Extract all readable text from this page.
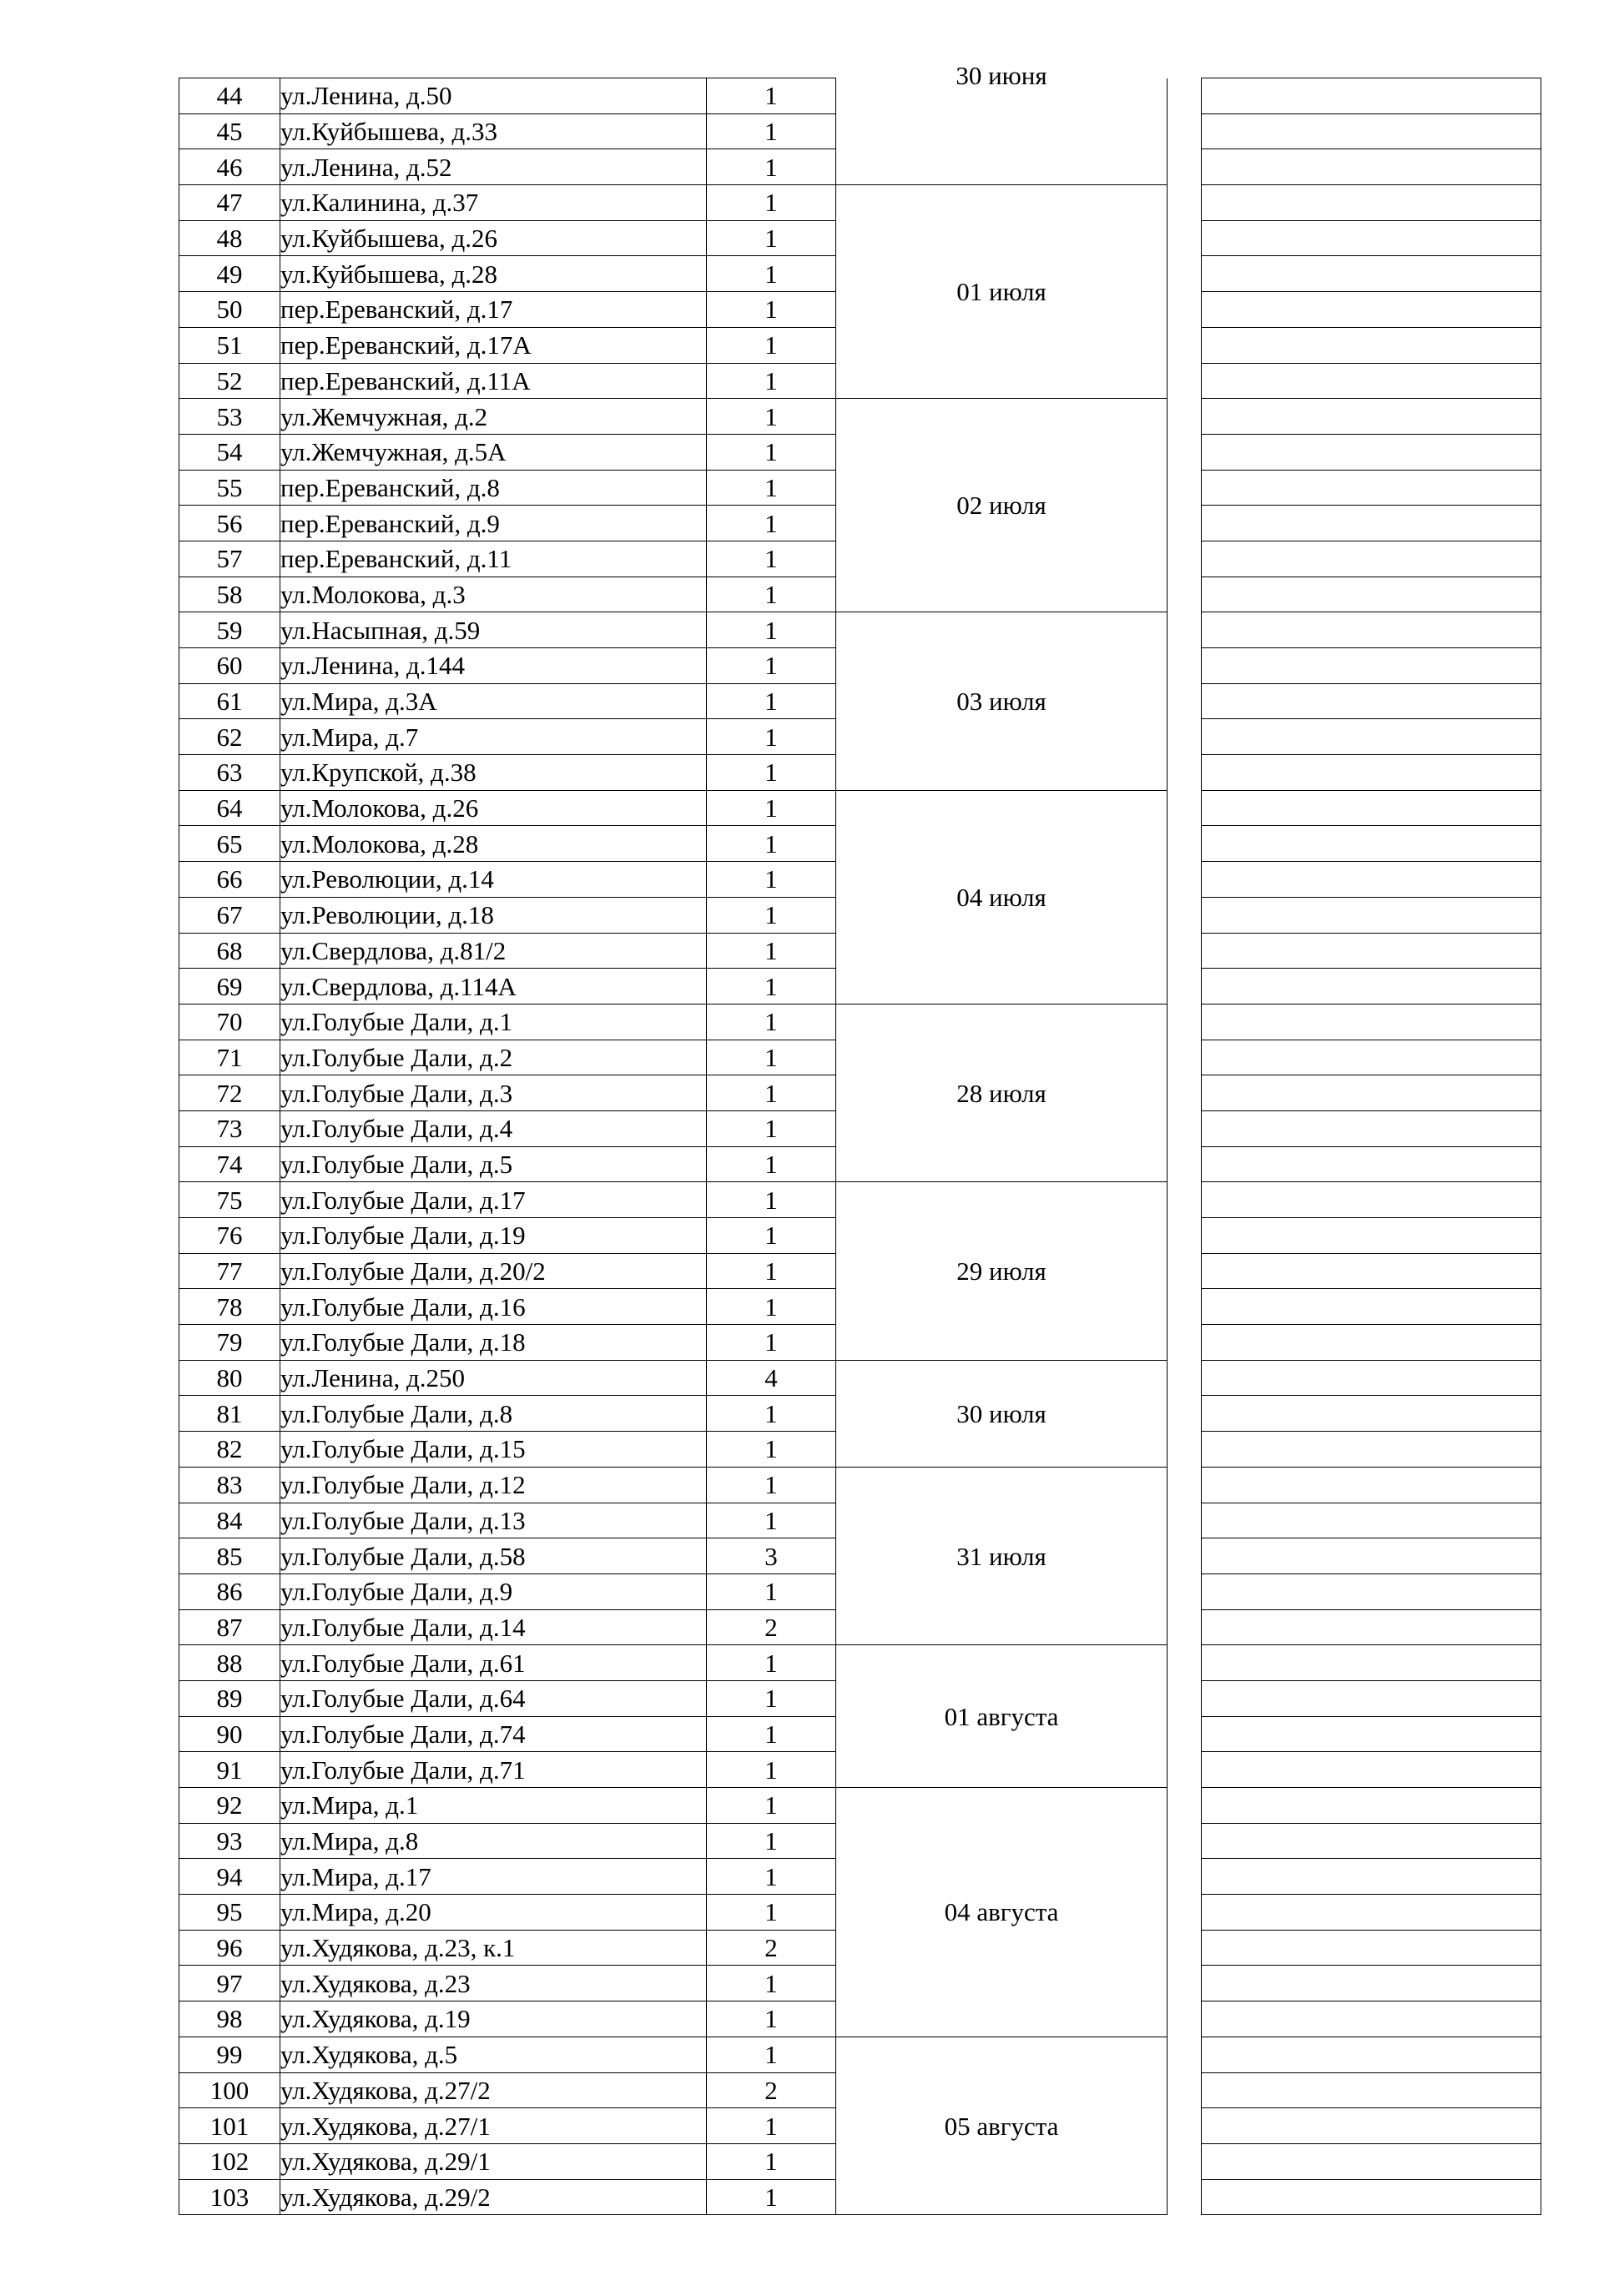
44	ул.Ленина, д.50	1	30 июня		

45	ул.Куйбышева, д.33	1			
46	ул.Ленина, д.52	1			
47	ул.Калинина, д.37	1	01 июля		
48	ул.Куйбышева, д.26	1			
49	ул.Куйбышева, д.28	1			
50	пер.Ереванский, д.17	1			
51	пер.Ереванский, д.17А	1			
52	пер.Ереванский, д.11А	1			
53	ул.Жемчужная, д.2	1	02 июля		
54	ул.Жемчужная, д.5А	1			
55	пер.Ереванский, д.8	1			
56	пер.Ереванский, д.9	1			
57	пер.Ереванский, д.11	1			
58	ул.Молокова, д.3	1			
59	ул.Насыпная, д.59	1	03 июля		
60	ул.Ленина, д.144	1			
61	ул.Мира, д.3А	1			
62	ул.Мира, д.7	1			
63	ул.Крупской, д.38	1			
64	ул.Молокова, д.26	1	04 июля		
65	ул.Молокова, д.28	1			
66	ул.Революции, д.14	1			
67	ул.Революции, д.18	1			
68	ул.Свердлова, д.81/2	1			
69	ул.Свердлова, д.114А	1			
70	ул.Голубые Дали, д.1	1	28 июля		
71	ул.Голубые Дали, д.2	1			
72	ул.Голубые Дали, д.3	1			
73	ул.Голубые Дали, д.4	1			
74	ул.Голубые Дали, д.5	1			
75	ул.Голубые Дали, д.17	1	29 июля		
76	ул.Голубые Дали, д.19	1			
77	ул.Голубые Дали, д.20/2	1			
78	ул.Голубые Дали, д.16	1			
79	ул.Голубые Дали, д.18	1			
80	ул.Ленина, д.250	4	30 июля		
81	ул.Голубые Дали, д.8	1			
82	ул.Голубые Дали, д.15	1			
83	ул.Голубые Дали, д.12	1	31 июля		
84	ул.Голубые Дали, д.13	1			
85	ул.Голубые Дали, д.58	3			
86	ул.Голубые Дали, д.9	1			
87	ул.Голубые Дали, д.14	2			
88	ул.Голубые Дали, д.61	1	01 августа		
89	ул.Голубые Дали, д.64	1			
90	ул.Голубые Дали, д.74	1			
91	ул.Голубые Дали, д.71	1			
92	ул.Мира, д.1	1	04 августа		
93	ул.Мира, д.8	1			
94	ул.Мира, д.17	1			
95	ул.Мира, д.20	1			
96	ул.Худякова, д.23, к.1	2			
97	ул.Худякова, д.23	1			
98	ул.Худякова, д.19	1			
99	ул.Худякова, д.5	1	05 августа		
100	ул.Худякова, д.27/2	2			
101	ул.Худякова, д.27/1	1			
102	ул.Худякова, д.29/1	1			
103	ул.Худякова, д.29/2	1			
